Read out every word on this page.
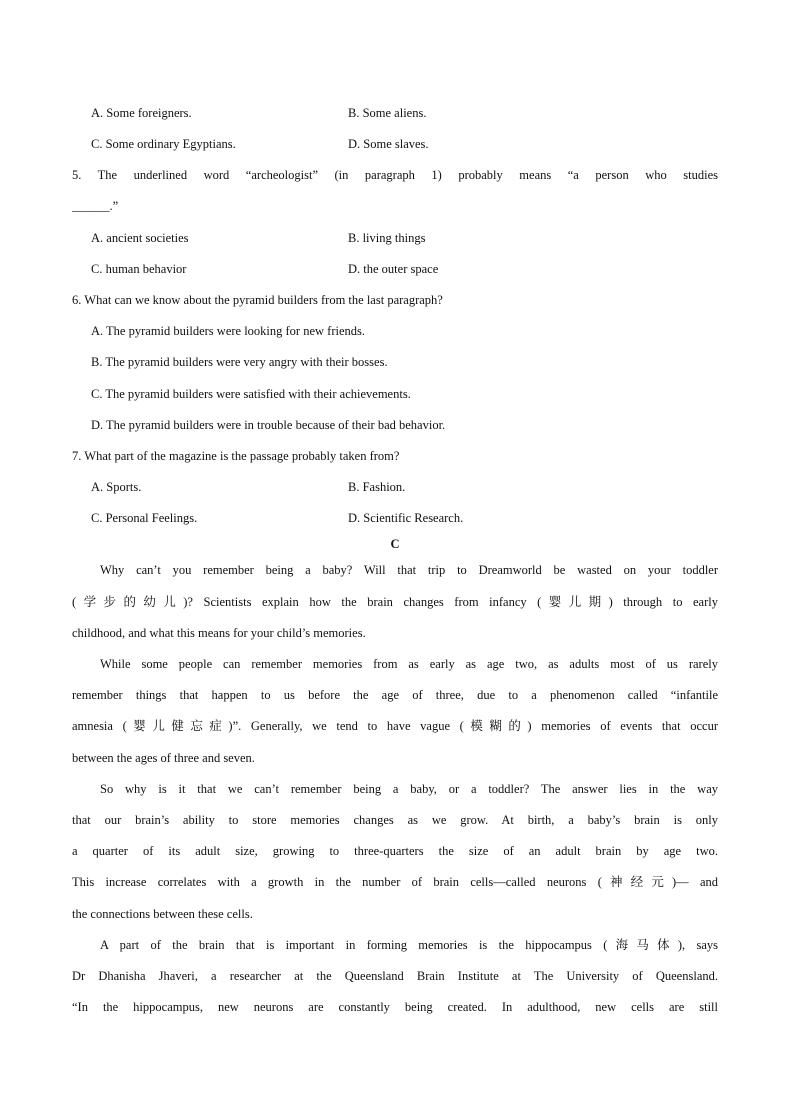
A. Some foreigners.	B. Some aliens.
C. Some ordinary Egyptians.	D. Some slaves.
5. The underlined word “archeologist” (in paragraph 1) probably means “a person who studies
______.”
A. ancient societies	B. living things
C. human behavior	D. the outer space
6. What can we know about the pyramid builders from the last paragraph?
A. The pyramid builders were looking for new friends.
B. The pyramid builders were very angry with their bosses.
C. The pyramid builders were satisfied with their achievements.
D. The pyramid builders were in trouble because of their bad behavior.
7. What part of the magazine is the passage probably taken from?
A. Sports.	B. Fashion.
C. Personal Feelings.	D. Scientific Research.
C
Why can’t you remember being a baby? Will that trip to Dreamworld be wasted on your toddler
(学步的幼儿)? Scientists explain how the brain changes from infancy (婴儿期) through to early
childhood, and what this means for your child’s memories.
While some people can remember memories from as early as age two, as adults most of us rarely
remember things that happen to us before the age of three, due to a phenomenon called “infantile
amnesia (婴儿健忘症)”. Generally, we tend to have vague (模糊的) memories of events that occur
between the ages of three and seven.
So why is it that we can’t remember being a baby, or a toddler? The answer lies in the way
that our brain’s ability to store memories changes as we grow. At birth, a baby’s brain is only
a quarter of its adult size, growing to three-quarters the size of an adult brain by age two.
This increase correlates with a growth in the number of brain cells—called neurons (神经元)— and
the connections between these cells.
A part of the brain that is important in forming memories is the hippocampus (海马体), says
Dr Dhanisha Jhaveri, a researcher at the Queensland Brain Institute at The University of Queensland.
“In the hippocampus, new neurons are constantly being created. In adulthood, new cells are still
